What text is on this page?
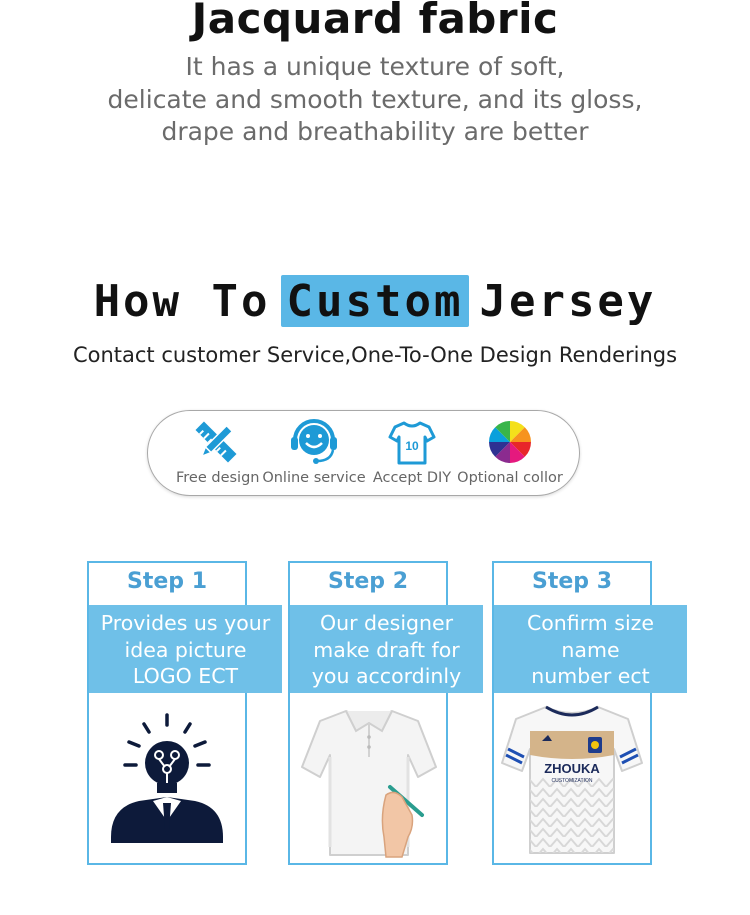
Jacquard fabric
It has a unique texture of soft,
delicate and smooth texture, and its gloss,
drape and breathability are better
How To Custom Jersey
Contact customer Service,One-To-One Design Renderings
Free design Online service
10
Accept DIY Optional collor
Step 1
Provides us your
idea picture
LOGO ECT
Step 2
Our designer
make draft for
you accordinly
Step 3
Confirm size
name
number ect
ZHOUKA
CUSTOMIZATION
